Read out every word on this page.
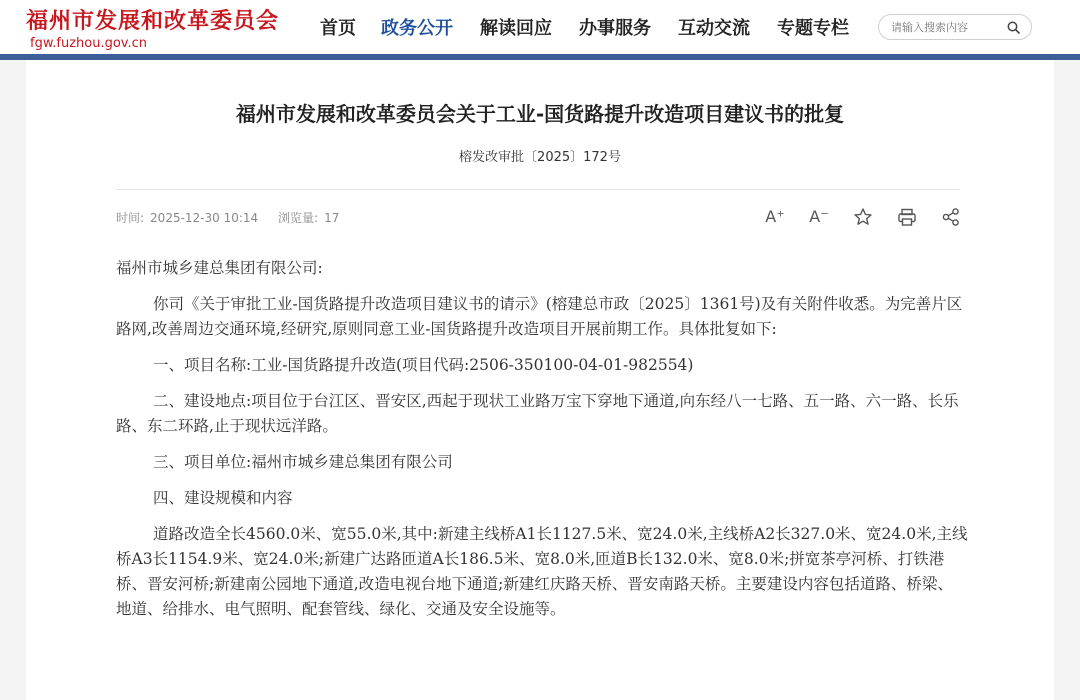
福州市发展和改革委员会
fgw.fuzhou.gov.cn
首页 政务公开 解读回应 办事服务 互动交流 专题专栏
请输入搜索内容
福州市发展和改革委员会关于工业-国货路提升改造项目建议书的批复
榕发改审批〔2025〕172号
时间: 2025-12-30 10:14 浏览量: 17	A⁺ A⁻

福州市城乡建总集团有限公司:

你司《关于审批工业-国货路提升改造项目建议书的请示》(榕建总市政〔2025〕1361号)及有关附件收悉。为完善片区路网,改善周边交通环境,经研究,原则同意工业-国货路提升改造项目开展前期工作。具体批复如下:

一、项目名称:工业-国货路提升改造(项目代码:2506-350100-04-01-982554)

二、建设地点:项目位于台江区、晋安区,西起于现状工业路万宝下穿地下通道,向东经八一七路、五一路、六一路、长乐路、东二环路,止于现状远洋路。

三、项目单位:福州市城乡建总集团有限公司

四、建设规模和内容

道路改造全长4560.0米、宽55.0米,其中:新建主线桥A1长1127.5米、宽24.0米,主线桥A2长327.0米、宽24.0米,主线桥A3长1154.9米、宽24.0米;新建广达路匝道A长186.5米、宽8.0米,匝道B长132.0米、宽8.0米;拼宽茶亭河桥、打铁港桥、晋安河桥;新建南公园地下通道,改造电视台地下通道;新建红庆路天桥、晋安南路天桥。主要建设内容包括道路、桥梁、地道、给排水、电气照明、配套管线、绿化、交通及安全设施等。
